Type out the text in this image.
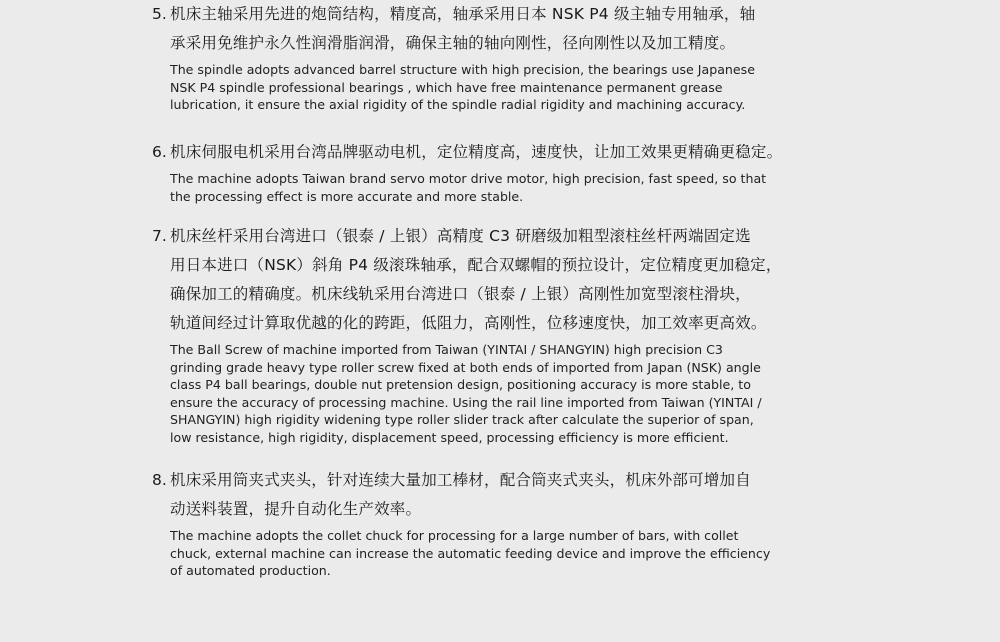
5. 机床主轴采用先进的炮筒结构，精度高，轴承采用日本 NSK P4 级主轴专用轴承，轴

承采用免维护永久性润滑脂润滑，确保主轴的轴向刚性，径向刚性以及加工精度。

The spindle adopts advanced barrel structure with high precision, the bearings use Japanese
NSK P4 spindle professional bearings , which have free maintenance permanent grease
lubrication, it ensure the axial rigidity of the spindle radial rigidity and machining accuracy.
6. 机床伺服电机采用台湾品牌驱动电机，定位精度高，速度快，让加工效果更精确更稳定。

The machine adopts Taiwan brand servo motor drive motor, high precision, fast speed, so that
the processing effect is more accurate and more stable.
7. 机床丝杆采用台湾进口（银泰 / 上银）高精度 C3 研磨级加粗型滚柱丝杆两端固定选

用日本进口（NSK）斜角 P4 级滚珠轴承，配合双螺帽的预拉设计，定位精度更加稳定，

确保加工的精确度。机床线轨采用台湾进口（银泰 / 上银）高刚性加宽型滚柱滑块，

轨道间经过计算取优越的化的跨距，低阻力，高刚性，位移速度快，加工效率更高效。

The Ball Screw of machine imported from Taiwan (YINTAI / SHANGYIN) high precision C3
grinding grade heavy type roller screw fixed at both ends of imported from Japan (NSK) angle
class P4 ball bearings, double nut pretension design, positioning accuracy is more stable, to
ensure the accuracy of processing machine. Using the rail line imported from Taiwan (YINTAI /
SHANGYIN) high rigidity widening type roller slider track after calculate the superior of span,
low resistance, high rigidity, displacement speed, processing efficiency is more efficient.
8. 机床采用筒夹式夹头，针对连续大量加工棒材，配合筒夹式夹头，机床外部可增加自

动送料装置，提升自动化生产效率。

The machine adopts the collet chuck for processing for a large number of bars, with collet
chuck, external machine can increase the automatic feeding device and improve the efficiency
of automated production.
